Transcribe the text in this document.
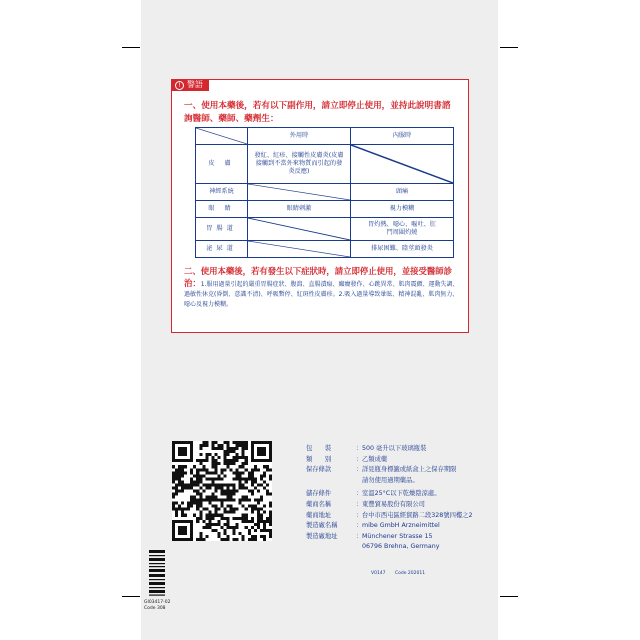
! 警語
一、使用本藥後，若有以下副作用，請立即停止使用，並持此說明書諮詢醫師、藥師、藥劑生：
	外用時	內服時
皮 膚	發紅、紅疹、接觸性皮膚炎(皮膚接觸到不當外來物質而引起的發炎反應)	

神經系統		頭痛
眼 睛	眼睛刺激	視力模糊
胃腸道		胃灼熱、噁心、嘔吐、肛門周圍灼燒
泌尿道		排尿困難、陰莖頭發炎
二、使用本藥後，若有發生以下症狀時，請立即停止使用，並接受醫師診治：1.服用過量引起的嚴重胃腸症狀、腹瀉、直腸潰瘍、癲癇發作、心跳異常、肌肉震顫、運動失調、過敏性休克(昏倒、意識不清)、呼吸暫停、紅斑性皮膚疹。2.吸入過量導致暈眩、精神混亂、肌肉無力、噁心及視力模糊。
包　　裝	： 500 毫升以下玻璃瓶裝
類　　別	： 乙類成藥
保存條款	： 詳見瓶身標籤或紙盒上之保存期限
請勿使用過期藥品。
儲存條件	： 室溫25°C以下乾燥陰涼處。
藥商名稱	： 東豐貿易股份有限公司
藥商地址	： 台中市西屯區經貿路二段328號四樓之2
製造廠名稱	： mibe GmbH Arzneimittel
製造廠地址	： Münchener Strasse 15
06796 Brehna, Germany
V0147 Code 202011
GI03417-02
Code 308
